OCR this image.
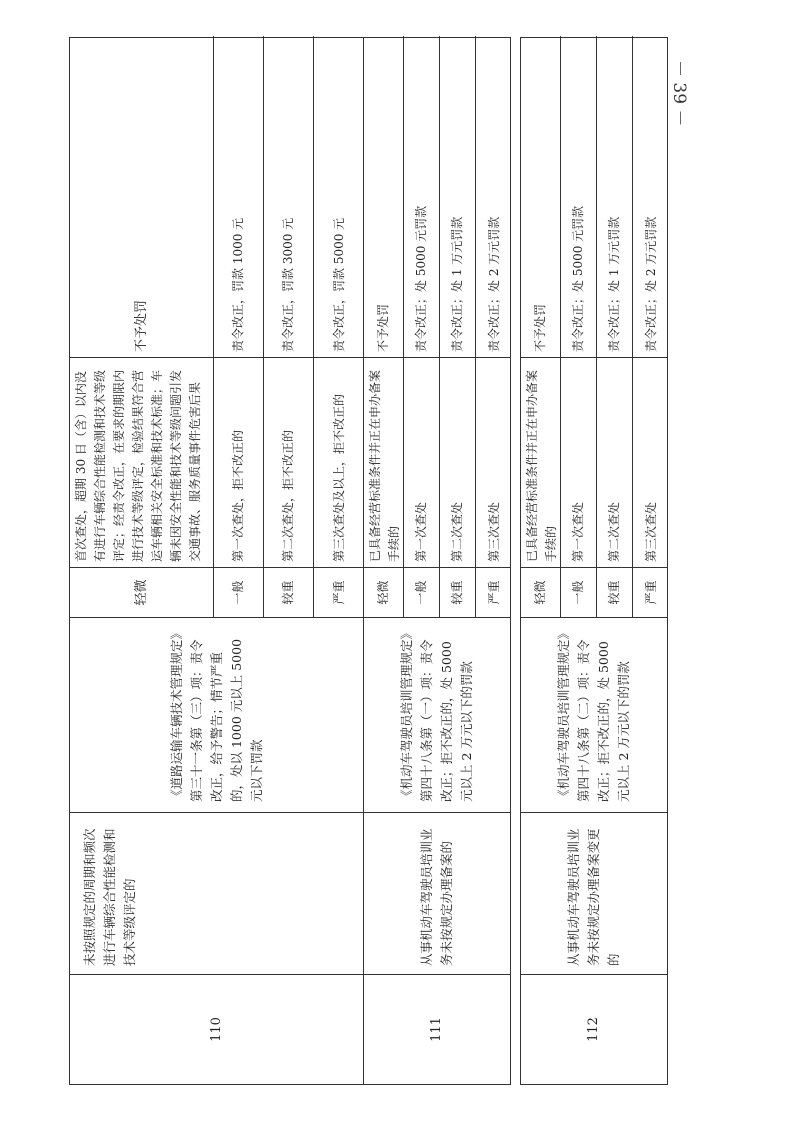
－ 39 －
110
未按照规定的周期和频次进行车辆综合性能检测和技术等级评定的
《道路运输车辆技术管理规定》第三十一条第（三）项：责令改正，给予警告；情节严重的，处以 1000 元以上 5000 元以下罚款
轻微
首次查处，超期 30 日（含）以内没有进行车辆综合性能检测和技术等级评定；经责令改正，在要求的期限内进行技术等级评定，检验结果符合营运车辆相关安全标准和技术标准；车辆未因安全性能和技术等级问题引发交通事故、服务质量事件危害后果
不予处罚
一般
第一次查处，拒不改正的
责令改正，罚款 1000 元
较重
第二次查处，拒不改正的
责令改正，罚款 3000 元
严重
第三次查处及以上，拒不改正的
责令改正，罚款 5000 元
111
从事机动车驾驶员培训业务未按规定办理备案的
《机动车驾驶员培训管理规定》第四十八条第（一）项：责令改正；拒不改正的，处 5000 元以上 2 万元以下的罚款
轻微
已具备经营标准条件并正在申办备案手续的
不予处罚
一般
第一次查处
责令改正；处 5000 元罚款
较重
第二次查处
责令改正；处 1 万元罚款
严重
第三次查处
责令改正；处 2 万元罚款
112
从事机动车驾驶员培训业务未按规定办理备案变更的
《机动车驾驶员培训管理规定》第四十八条第（二）项：责令改正；拒不改正的，处 5000 元以上 2 万元以下的罚款
轻微
已具备经营标准条件并正在申办备案手续的
不予处罚
一般
第一次查处
责令改正；处 5000 元罚款
较重
第二次查处
责令改正；处 1 万元罚款
严重
第三次查处
责令改正；处 2 万元罚款
